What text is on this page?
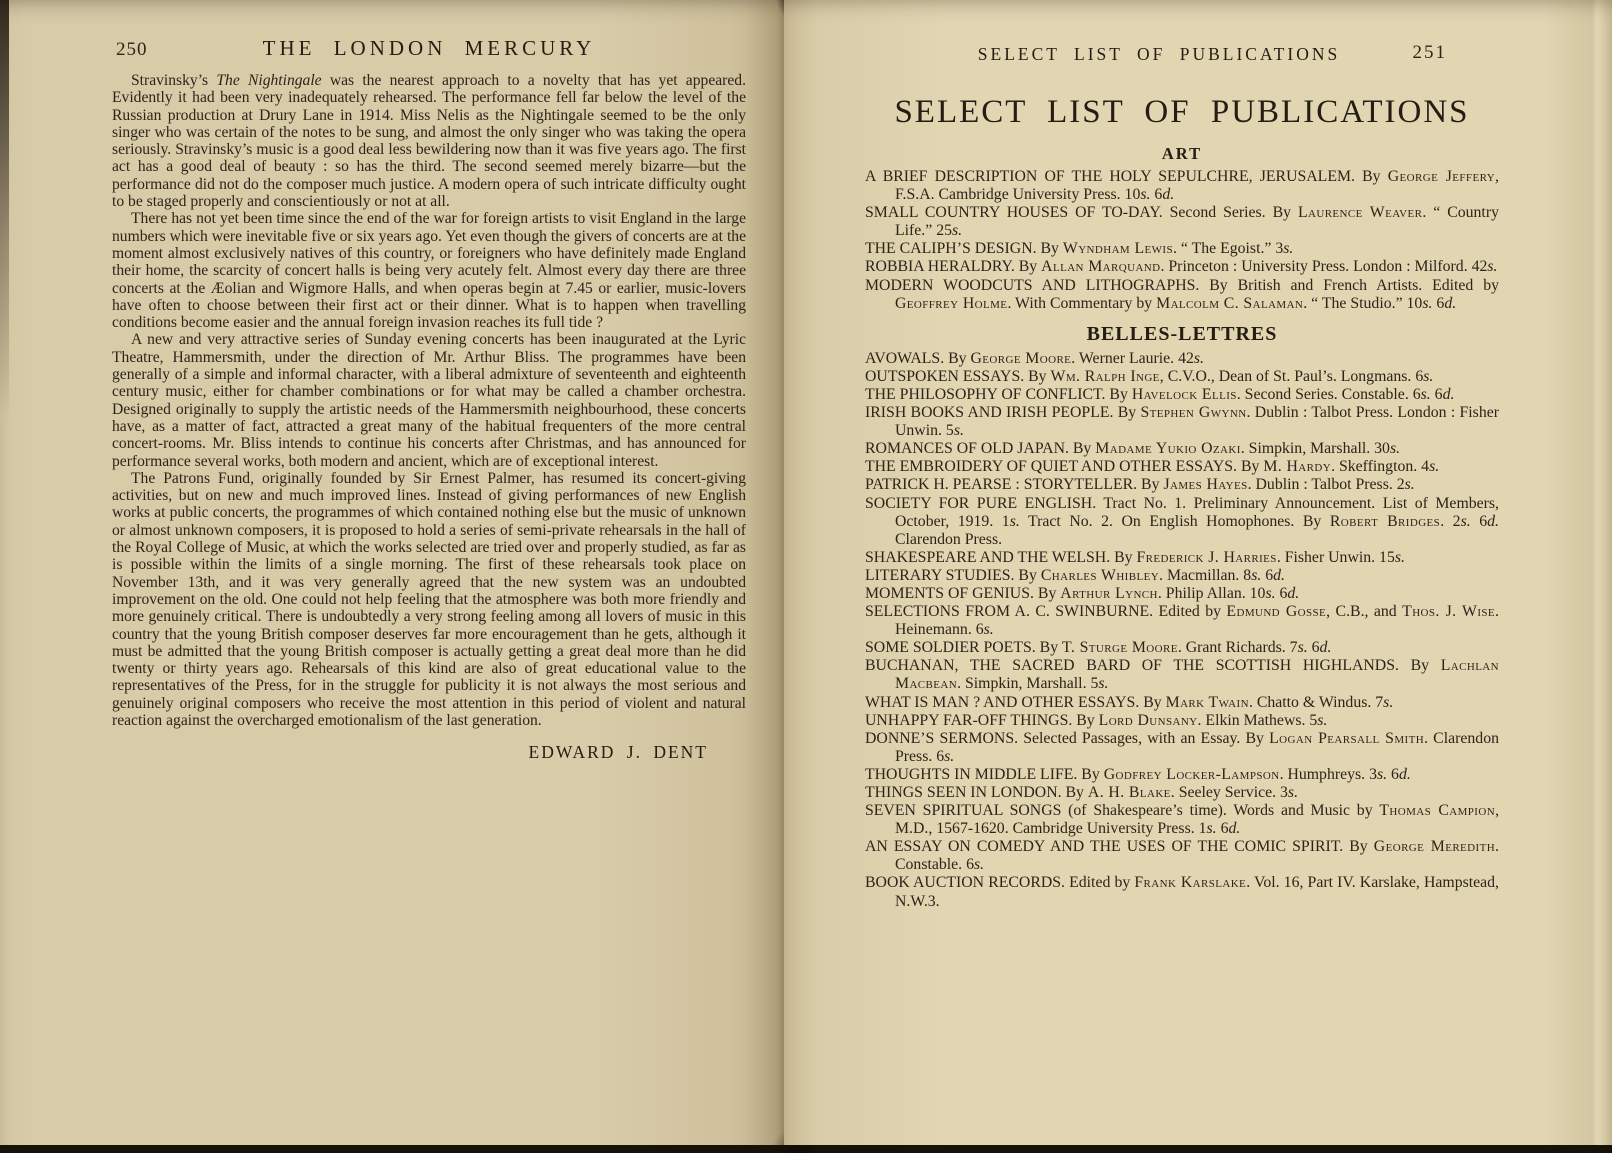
250	THE LONDON MERCURY

Stravinsky’s The Nightingale was the nearest approach to a novelty that has yet appeared. Evidently it had been very inadequately rehearsed. The performance fell far below the level of the Russian production at Drury Lane in 1914. Miss Nelis as the Nightingale seemed to be the only singer who was certain of the notes to be sung, and almost the only singer who was taking the opera seriously. Stravinsky’s music is a good deal less bewildering now than it was five years ago. The first act has a good deal of beauty : so has the third. The second seemed merely bizarre—but the performance did not do the composer much justice. A modern opera of such intricate difficulty ought to be staged properly and conscientiously or not at all.

There has not yet been time since the end of the war for foreign artists to visit England in the large numbers which were inevitable five or six years ago. Yet even though the givers of concerts are at the moment almost exclusively natives of this country, or foreigners who have definitely made England their home, the scarcity of concert halls is being very acutely felt. Almost every day there are three concerts at the Æolian and Wigmore Halls, and when operas begin at 7.45 or earlier, music-lovers have often to choose between their first act or their dinner. What is to happen when travelling conditions become easier and the annual foreign invasion reaches its full tide ?

A new and very attractive series of Sunday evening concerts has been inaugurated at the Lyric Theatre, Hammersmith, under the direction of Mr. Arthur Bliss. The programmes have been generally of a simple and informal character, with a liberal admixture of seventeenth and eighteenth century music, either for chamber combinations or for what may be called a chamber orchestra. Designed originally to supply the artistic needs of the Hammersmith neighbourhood, these concerts have, as a matter of fact, attracted a great many of the habitual frequenters of the more central concert-rooms. Mr. Bliss intends to continue his concerts after Christmas, and has announced for performance several works, both modern and ancient, which are of exceptional interest.

The Patrons Fund, originally founded by Sir Ernest Palmer, has resumed its concert-giving activities, but on new and much improved lines. Instead of giving performances of new English works at public concerts, the programmes of which contained nothing else but the music of unknown or almost unknown composers, it is proposed to hold a series of semi-private rehearsals in the hall of the Royal College of Music, at which the works selected are tried over and properly studied, as far as is possible within the limits of a single morning. The first of these rehearsals took place on November 13th, and it was very generally agreed that the new system was an undoubted improvement on the old. One could not help feeling that the atmosphere was both more friendly and more genuinely critical. There is undoubtedly a very strong feeling among all lovers of music in this country that the young British composer deserves far more encouragement than he gets, although it must be admitted that the young British composer is actually getting a great deal more than he did twenty or thirty years ago. Rehearsals of this kind are also of great educational value to the representatives of the Press, for in the struggle for publicity it is not always the most serious and genuinely original composers who receive the most attention in this period of violent and natural reaction against the overcharged emotionalism of the last generation.

EDWARD J. DENT
SELECT LIST OF PUBLICATIONS	251
SELECT LIST OF PUBLICATIONS
ART

A BRIEF DESCRIPTION OF THE HOLY SEPULCHRE, JERUSALEM. By George Jeffery, F.S.A. Cambridge University Press. 10s. 6d.

SMALL COUNTRY HOUSES OF TO-DAY. Second Series. By Laurence Weaver. “ Country Life.” 25s.

THE CALIPH’S DESIGN. By Wyndham Lewis. “ The Egoist.” 3s.

ROBBIA HERALDRY. By Allan Marquand. Princeton : University Press. London : Milford. 42s.

MODERN WOODCUTS AND LITHOGRAPHS. By British and French Artists. Edited by Geoffrey Holme. With Commentary by Malcolm C. Salaman. “ The Studio.” 10s. 6d.

BELLES-LETTRES

AVOWALS. By George Moore. Werner Laurie. 42s.

OUTSPOKEN ESSAYS. By Wm. Ralph Inge, C.V.O., Dean of St. Paul’s. Longmans. 6s.

THE PHILOSOPHY OF CONFLICT. By Havelock Ellis. Second Series. Constable. 6s. 6d.

IRISH BOOKS AND IRISH PEOPLE. By Stephen Gwynn. Dublin : Talbot Press. London : Fisher Unwin. 5s.

ROMANCES OF OLD JAPAN. By Madame Yukio Ozaki. Simpkin, Marshall. 30s.

THE EMBROIDERY OF QUIET AND OTHER ESSAYS. By M. Hardy. Skeffington. 4s.

PATRICK H. PEARSE : STORYTELLER. By James Hayes. Dublin : Talbot Press. 2s.

SOCIETY FOR PURE ENGLISH. Tract No. 1. Preliminary Announcement. List of Members, October, 1919. 1s. Tract No. 2. On English Homophones. By Robert Bridges. 2s. 6d. Clarendon Press.

SHAKESPEARE AND THE WELSH. By Frederick J. Harries. Fisher Unwin. 15s.

LITERARY STUDIES. By Charles Whibley. Macmillan. 8s. 6d.

MOMENTS OF GENIUS. By Arthur Lynch. Philip Allan. 10s. 6d.

SELECTIONS FROM A. C. SWINBURNE. Edited by Edmund Gosse, C.B., and Thos. J. Wise. Heinemann. 6s.

SOME SOLDIER POETS. By T. Sturge Moore. Grant Richards. 7s. 6d.

BUCHANAN, THE SACRED BARD OF THE SCOTTISH HIGHLANDS. By Lachlan Macbean. Simpkin, Marshall. 5s.

WHAT IS MAN ? AND OTHER ESSAYS. By Mark Twain. Chatto & Windus. 7s.

UNHAPPY FAR-OFF THINGS. By Lord Dunsany. Elkin Mathews. 5s.

DONNE’S SERMONS. Selected Passages, with an Essay. By Logan Pearsall Smith. Clarendon Press. 6s.

THOUGHTS IN MIDDLE LIFE. By Godfrey Locker-Lampson. Humphreys. 3s. 6d.

THINGS SEEN IN LONDON. By A. H. Blake. Seeley Service. 3s.

SEVEN SPIRITUAL SONGS (of Shakespeare’s time). Words and Music by Thomas Campion, M.D., 1567-1620. Cambridge University Press. 1s. 6d.

AN ESSAY ON COMEDY AND THE USES OF THE COMIC SPIRIT. By George Meredith. Constable. 6s.

BOOK AUCTION RECORDS. Edited by Frank Karslake. Vol. 16, Part IV. Karslake, Hampstead, N.W.3.
